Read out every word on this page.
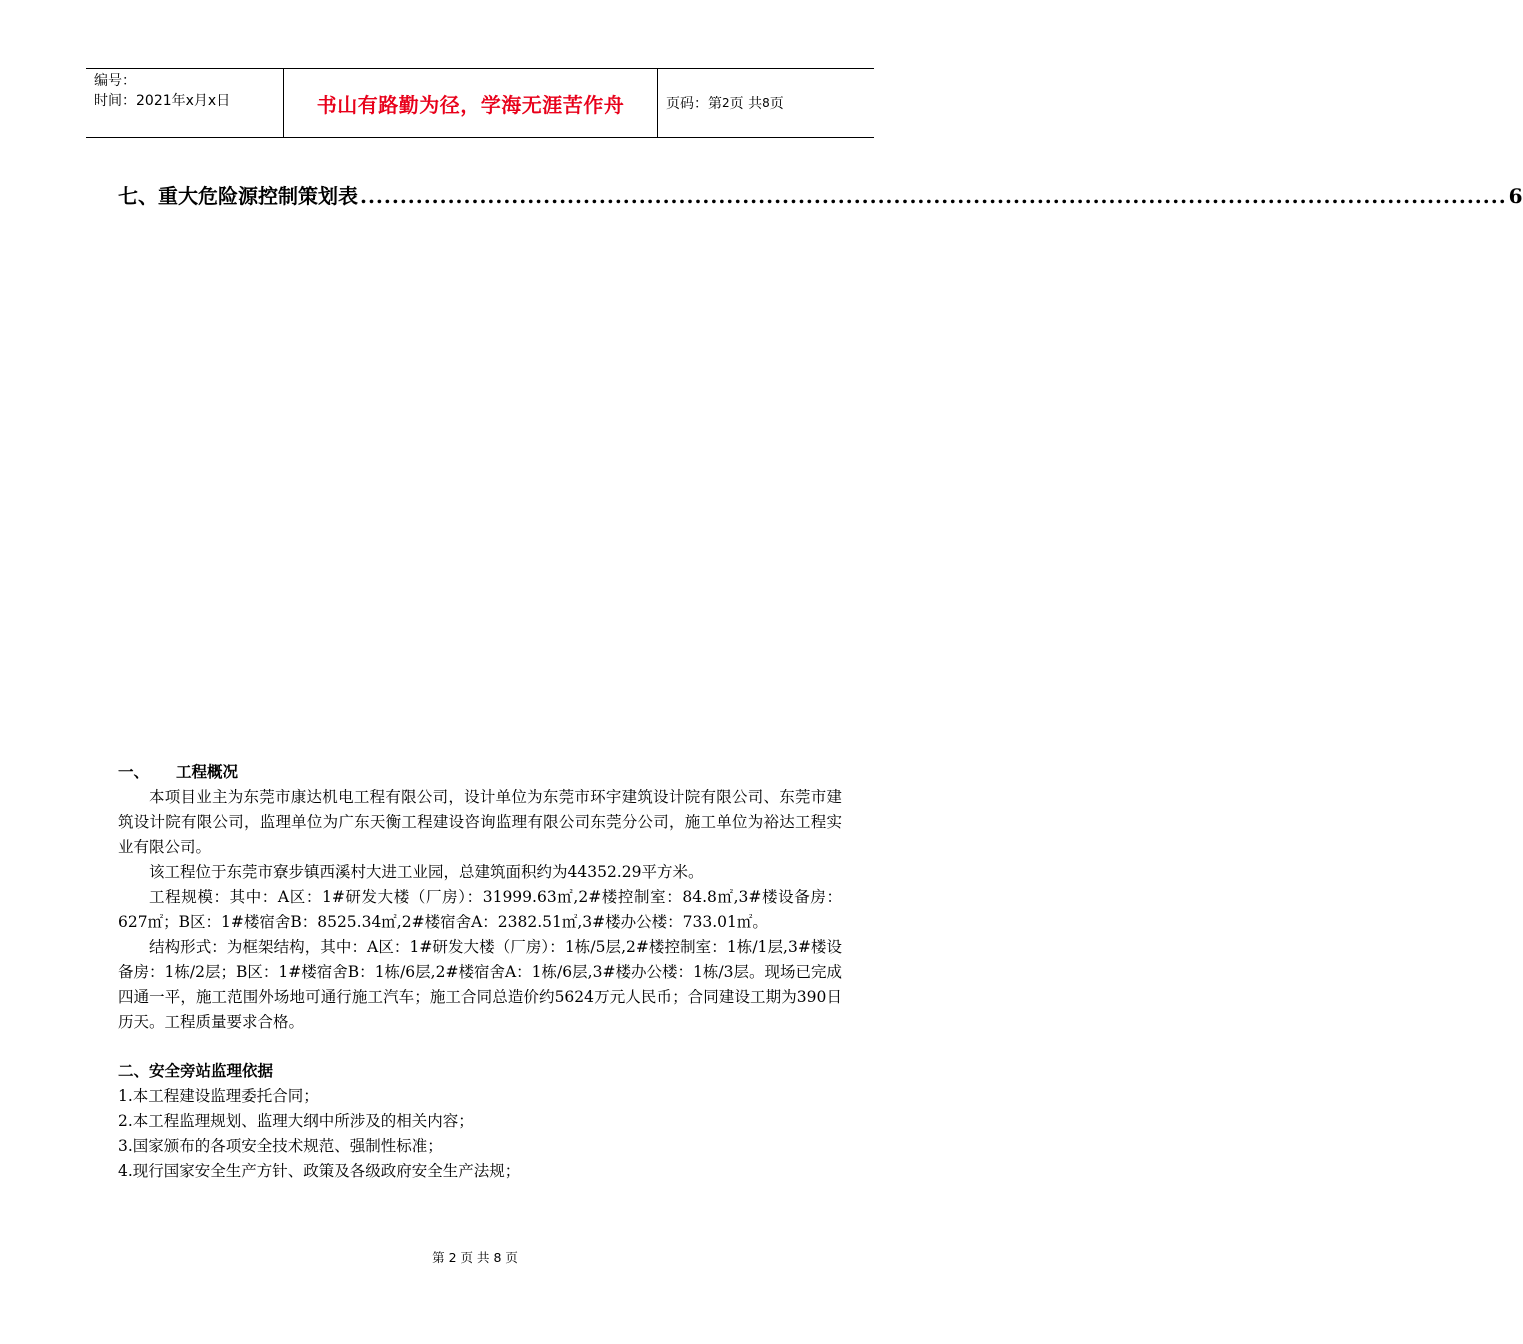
编号：
时间：2021年x月x日	书山有路勤为径，学海无涯苦作舟	页码：第 2 页 共 8 页
七、重大危险源控制策划表 ................................................................................................................................................ 6
一、 工程概况

本项目业主为东莞市康达机电工程有限公司，设计单位为东莞市环宇建筑设计院有限公司、东莞市建筑设计院有限公司，监理单位为广东天衡工程建设咨询监理有限公司东莞分公司，施工单位为裕达工程实业有限公司。

该工程位于东莞市寮步镇西溪村大进工业园，总建筑面积约为44352.29平方米。

工程规模：其中：A区：1#研发大楼（厂房）：31999.63㎡,2#楼控制室：84.8㎡,3#楼设备房：627㎡；B区：1#楼宿舍B：8525.34㎡,2#楼宿舍A：2382.51㎡,3#楼办公楼：733.01㎡。

结构形式：为框架结构，其中：A区：1#研发大楼（厂房）：1栋/5层,2#楼控制室：1栋/1层,3#楼设备房：1栋/2层；B区：1#楼宿舍B：1栋/6层,2#楼宿舍A：1栋/6层,3#楼办公楼：1栋/3层。现场已完成四通一平，施工范围外场地可通行施工汽车；施工合同总造价约5624万元人民币；合同建设工期为390日历天。工程质量要求合格。

二、安全旁站监理依据

1.本工程建设监理委托合同；

2.本工程监理规划、监理大纲中所涉及的相关内容；

3.国家颁布的各项安全技术规范、强制性标准；

4.现行国家安全生产方针、政策及各级政府安全生产法规；

第 2 页 共 8 页
